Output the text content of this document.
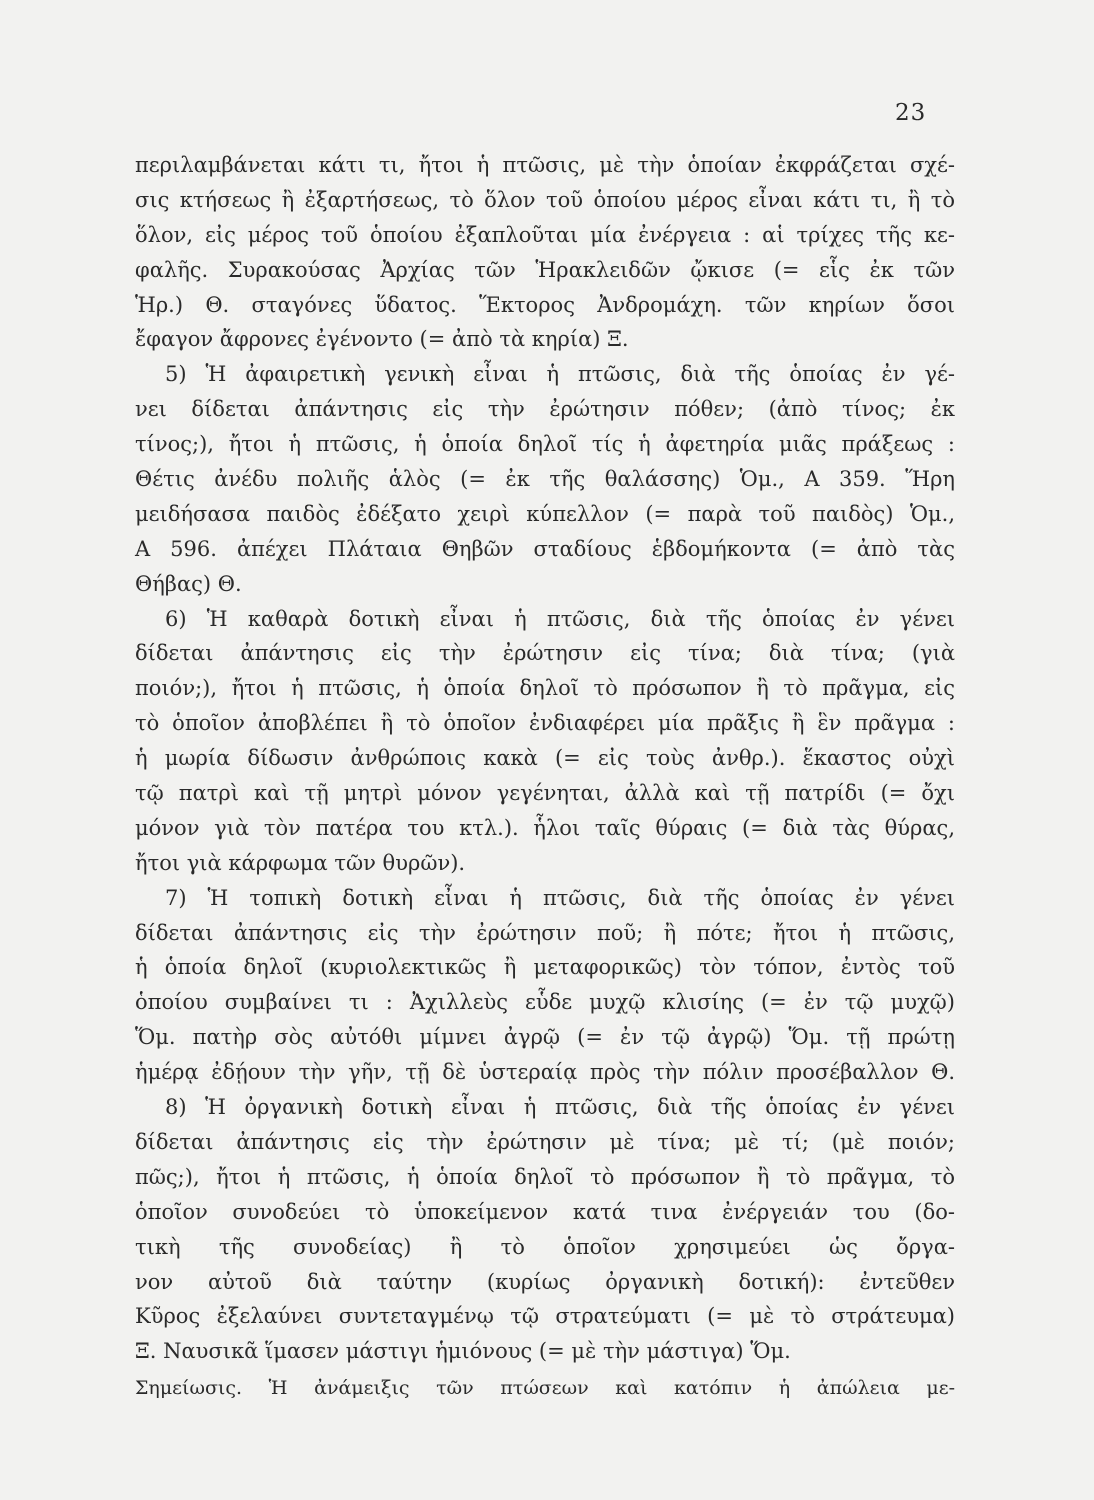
23
περιλαμβάνεται κάτι τι, ἤτοι ἡ πτῶσις, μὲ τὴν ὁποίαν ἐκφράζεται σχέ-
σις κτήσεως ἢ ἐξαρτήσεως, τὸ ὅλον τοῦ ὁποίου μέρος εἶναι κάτι τι, ἢ τὸ
ὅλον, εἰς μέρος τοῦ ὁποίου ἐξαπλοῦται μία ἐνέργεια : αἱ τρίχες τῆς κε-
φαλῆς. Συρακούσας Ἀρχίας τῶν Ἡρακλειδῶν ᾤκισε (= εἷς ἐκ τῶν
Ἡρ.) Θ. σταγόνες ὕδατος. Ἕκτορος Ἀνδρομάχη. τῶν κηρίων ὅσοι
ἔφαγον ἄφρονες ἐγένοντο (= ἀπὸ τὰ κηρία) Ξ.
5) Ἡ ἀφαιρετικὴ γενικὴ εἶναι ἡ πτῶσις, διὰ τῆς ὁποίας ἐν γέ-
νει δίδεται ἀπάντησις εἰς τὴν ἐρώτησιν πόθεν; (ἀπὸ τίνος; ἐκ
τίνος;), ἤτοι ἡ πτῶσις, ἡ ὁποία δηλοῖ τίς ἡ ἀφετηρία μιᾶς πράξεως :
Θέτις ἀνέδυ πολιῆς ἁλὸς (= ἐκ τῆς θαλάσσης) Ὁμ., Α 359. Ἥρη
μειδήσασα παιδὸς ἐδέξατο χειρὶ κύπελλον (= παρὰ τοῦ παιδὸς) Ὁμ.,
Α 596. ἀπέχει Πλάταια Θηβῶν σταδίους ἑβδομήκοντα (= ἀπὸ τὰς
Θήβας) Θ.
6) Ἡ καθαρὰ δοτικὴ εἶναι ἡ πτῶσις, διὰ τῆς ὁποίας ἐν γένει
δίδεται ἀπάντησις εἰς τὴν ἐρώτησιν εἰς τίνα; διὰ τίνα; (γιὰ
ποιόν;), ἤτοι ἡ πτῶσις, ἡ ὁποία δηλοῖ τὸ πρόσωπον ἢ τὸ πρᾶγμα, εἰς
τὸ ὁποῖον ἀποβλέπει ἢ τὸ ὁποῖον ἐνδιαφέρει μία πρᾶξις ἢ ἓν πρᾶγμα :
ἡ μωρία δίδωσιν ἀνθρώποις κακὰ (= εἰς τοὺς ἀνθρ.). ἕκαστος οὐχὶ
τῷ πατρὶ καὶ τῇ μητρὶ μόνον γεγένηται, ἀλλὰ καὶ τῇ πατρίδι (= ὄχι
μόνον γιὰ τὸν πατέρα του κτλ.). ἧλοι ταῖς θύραις (= διὰ τὰς θύρας,
ἤτοι γιὰ κάρφωμα τῶν θυρῶν).
7) Ἡ τοπικὴ δοτικὴ εἶναι ἡ πτῶσις, διὰ τῆς ὁποίας ἐν γένει
δίδεται ἀπάντησις εἰς τὴν ἐρώτησιν ποῦ; ἢ πότε; ἤτοι ἡ πτῶσις,
ἡ ὁποία δηλοῖ (κυριολεκτικῶς ἢ μεταφορικῶς) τὸν τόπον, ἐντὸς τοῦ
ὁποίου συμβαίνει τι : Ἀχιλλεὺς εὗδε μυχῷ κλισίης (= ἐν τῷ μυχῷ)
Ὅμ. πατὴρ σὸς αὐτόθι μίμνει ἀγρῷ (= ἐν τῷ ἀγρῷ) Ὅμ. τῇ πρώτῃ
ἡμέρᾳ ἐδῄουν τὴν γῆν, τῇ δὲ ὑστεραίᾳ πρὸς τὴν πόλιν προσέβαλλον Θ.
8) Ἡ ὀργανικὴ δοτικὴ εἶναι ἡ πτῶσις, διὰ τῆς ὁποίας ἐν γένει
δίδεται ἀπάντησις εἰς τὴν ἐρώτησιν μὲ τίνα; μὲ τί; (μὲ ποιόν;
πῶς;), ἤτοι ἡ πτῶσις, ἡ ὁποία δηλοῖ τὸ πρόσωπον ἢ τὸ πρᾶγμα, τὸ
ὁποῖον συνοδεύει τὸ ὑποκείμενον κατά τινα ἐνέργειάν του (δο-
τικὴ τῆς συνοδείας) ἢ τὸ ὁποῖον χρησιμεύει ὡς ὄργα-
νον αὐτοῦ διὰ ταύτην (κυρίως ὀργανικὴ δοτική): ἐντεῦθεν
Κῦρος ἐξελαύνει συντεταγμένῳ τῷ στρατεύματι (= μὲ τὸ στράτευμα)
Ξ. Ναυσικᾶ ἵμασεν μάστιγι ἡμιόνους (= μὲ τὴν μάστιγα) Ὅμ.
Σημείωσις. Ἡ ἀνάμειξις τῶν πτώσεων καὶ κατόπιν ἡ ἀπώλεια με-
